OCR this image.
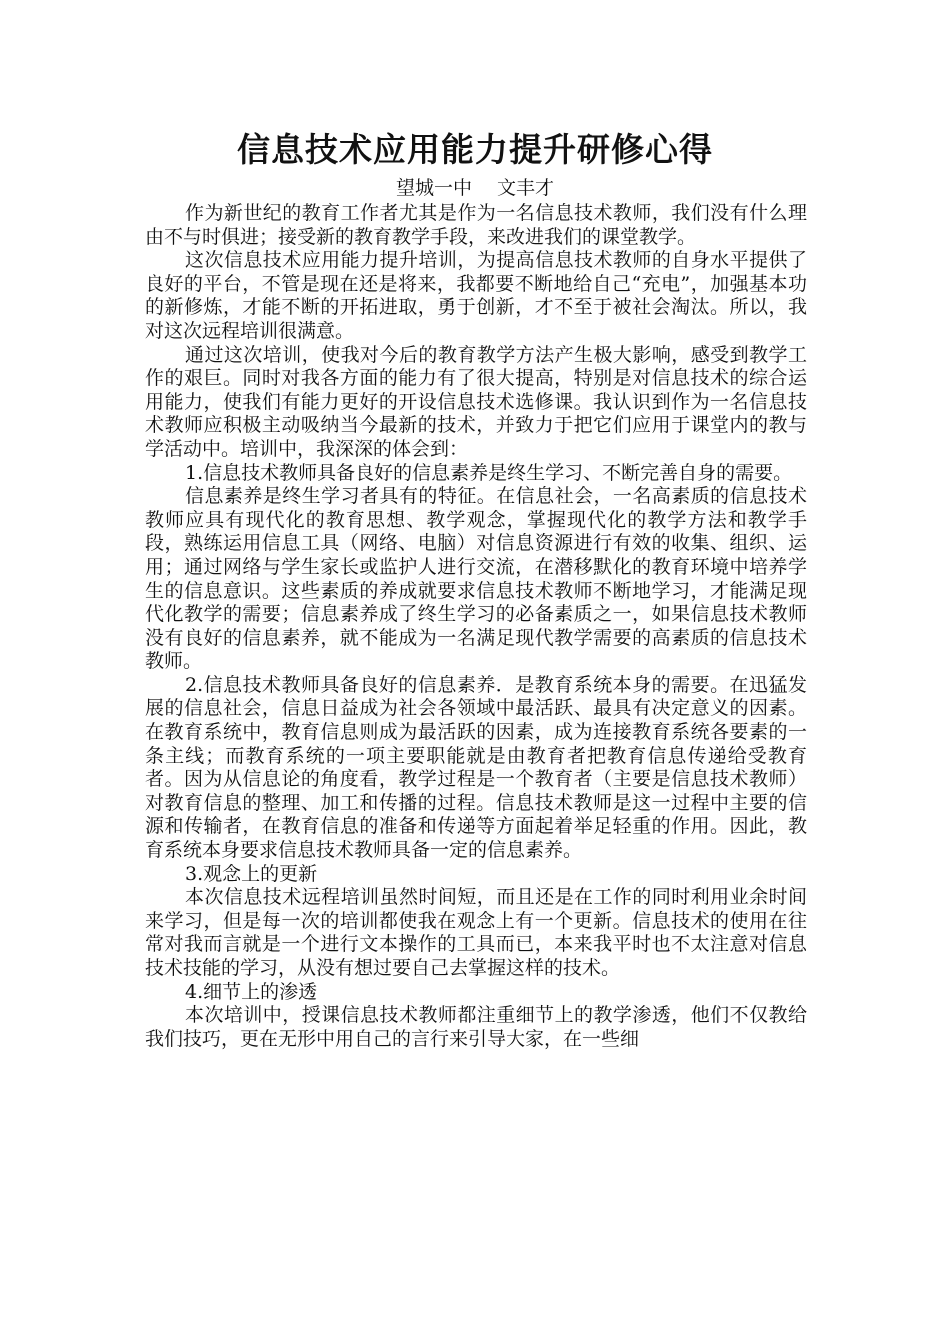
信息技术应用能力提升研修心得
望城一中　 文丰才

作为新世纪的教育工作者尤其是作为一名信息技术教师，我们没有什么理由不与时俱进；接受新的教育教学手段，来改进我们的课堂教学。

这次信息技术应用能力提升培训，为提高信息技术教师的自身水平提供了良好的平台，不管是现在还是将来，我都要不断地给自己“充电”，加强基本功的新修炼，才能不断的开拓进取，勇于创新，才不至于被社会淘汰。所以，我对这次远程培训很满意。

通过这次培训，使我对今后的教育教学方法产生极大影响，感受到教学工作的艰巨。同时对我各方面的能力有了很大提高，特别是对信息技术的综合运用能力，使我们有能力更好的开设信息技术选修课。我认识到作为一名信息技术教师应积极主动吸纳当今最新的技术，并致力于把它们应用于课堂内的教与学活动中。培训中，我深深的体会到：

1.信息技术教师具备良好的信息素养是终生学习、不断完善自身的需要。

信息素养是终生学习者具有的特征。在信息社会，一名高素质的信息技术教师应具有现代化的教育思想、教学观念，掌握现代化的教学方法和教学手段，熟练运用信息工具（网络、电脑）对信息资源进行有效的收集、组织、运用；通过网络与学生家长或监护人进行交流，在潜移默化的教育环境中培养学生的信息意识。这些素质的养成就要求信息技术教师不断地学习，才能满足现代化教学的需要；信息素养成了终生学习的必备素质之一，如果信息技术教师没有良好的信息素养，就不能成为一名满足现代教学需要的高素质的信息技术教师。

2.信息技术教师具备良好的信息素养．是教育系统本身的需要。在迅猛发展的信息社会，信息日益成为社会各领域中最活跃、最具有决定意义的因素。在教育系统中，教育信息则成为最活跃的因素，成为连接教育系统各要素的一条主线；而教育系统的一项主要职能就是由教育者把教育信息传递给受教育者。因为从信息论的角度看，教学过程是一个教育者（主要是信息技术教师）对教育信息的整理、加工和传播的过程。信息技术教师是这一过程中主要的信源和传输者，在教育信息的准备和传递等方面起着举足轻重的作用。因此，教育系统本身要求信息技术教师具备一定的信息素养。

3.观念上的更新

本次信息技术远程培训虽然时间短，而且还是在工作的同时利用业余时间来学习，但是每一次的培训都使我在观念上有一个更新。信息技术的使用在往常对我而言就是一个进行文本操作的工具而已，本来我平时也不太注意对信息技术技能的学习，从没有想过要自己去掌握这样的技术。

4.细节上的渗透

本次培训中，授课信息技术教师都注重细节上的教学渗透，他们不仅教给我们技巧，更在无形中用自己的言行来引导大家，在一些细
